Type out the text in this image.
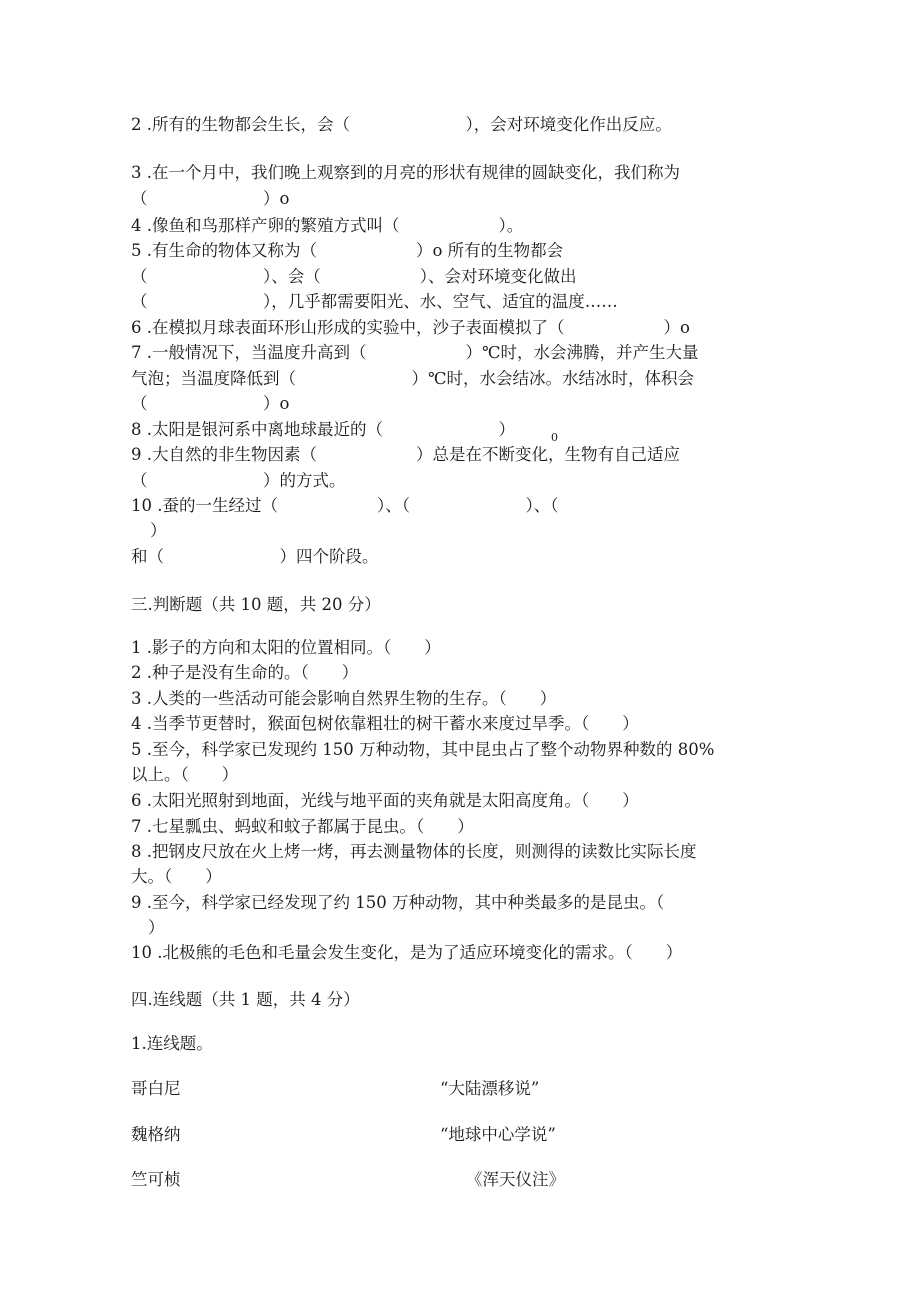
2 .所有的生物都会生长，会（　　　　　　　），会对环境变化作出反应。
3 .在一个月中，我们晚上观察到的月亮的形状有规律的圆缺变化，我们称为
（　　　　　　　）o
4 .像鱼和鸟那样产卵的繁殖方式叫（　　　　　　）。
5 .有生命的物体又称为（　　　　　　）o 所有的生物都会
（　　　　　　　）、会（　　　　　　）、会对环境变化做出
（　　　　　　　），几乎都需要阳光、水、空气、适宜的温度……
6 .在模拟月球表面环形山形成的实验中，沙子表面模拟了（　　　　　　）o
7 .一般情况下，当温度升高到（　　　　　　）℃时，水会沸腾，并产生大量
气泡；当温度降低到（　　　　　　　）℃时，水会结冰。水结冰时，体积会
（　　　　　　　）o
8 .太阳是银河系中离地球最近的（　　　　　　　）	0
9 .大自然的非生物因素（　　　　　　）总是在不断变化，生物有自己适应
（　　　　　　　）的方式。
10 .蚕的一生经过（　　　　　　）、（　　　　　　　）、（
）
和（　　　　　　　）四个阶段。
三.判断题（共 10 题，共 20 分）
1 .影子的方向和太阳的位置相同。（　　）
2 .种子是没有生命的。（　　）
3 .人类的一些活动可能会影响自然界生物的生存。（　　）
4 .当季节更替时，猴面包树依靠粗壮的树干蓄水来度过旱季。（　　）
5 .至今，科学家已发现约 150 万种动物，其中昆虫占了整个动物界种数的 80%
以上。（　　）
6 .太阳光照射到地面，光线与地平面的夹角就是太阳高度角。（　　）
7 .七星瓢虫、蚂蚁和蚊子都属于昆虫。（　　）
8 .把钢皮尺放在火上烤一烤，再去测量物体的长度，则测得的读数比实际长度
大。（　　）
9 .至今，科学家已经发现了约 150 万种动物，其中种类最多的是昆虫。（
）
10 .北极熊的毛色和毛量会发生变化，是为了适应环境变化的需求。（　　）
四.连线题（共 1 题，共 4 分）
1.连线题。
哥白尼	“大陆漂移说”
魏格纳	“地球中心学说”
竺可桢	《浑天仪注》
